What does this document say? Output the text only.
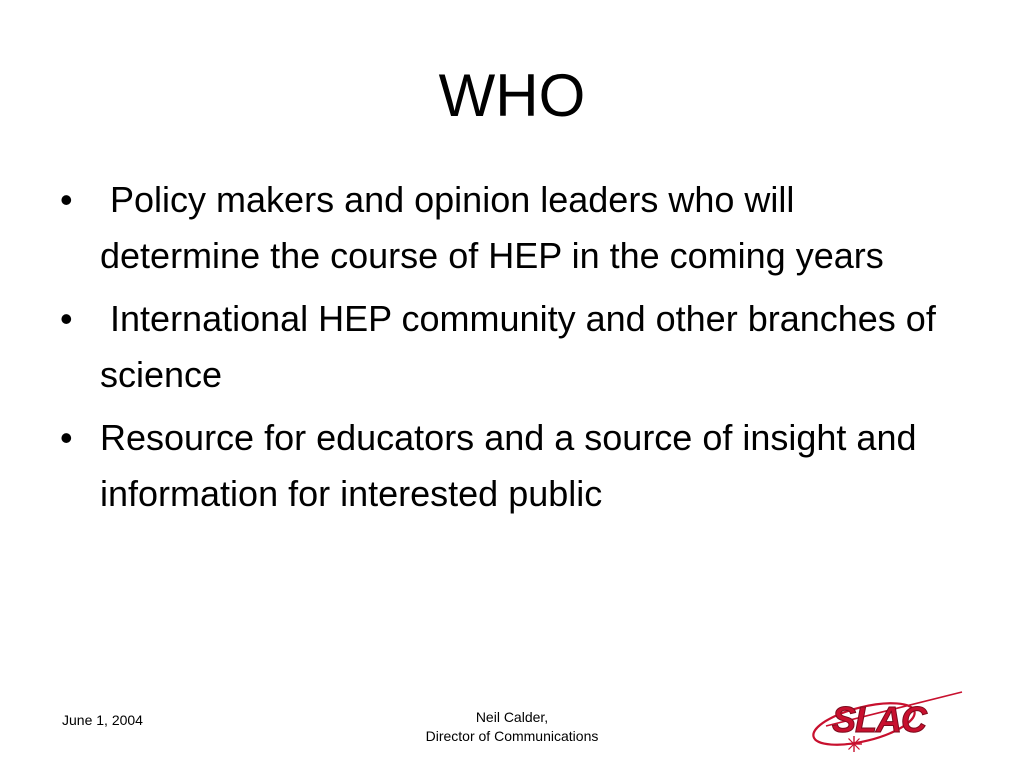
WHO
• Policy makers and opinion leaders who will determine the course of HEP in the coming years
• International HEP community and other branches of science
• Resource for educators and a source of insight and information for interested public
June 1, 2004	Neil Calder,
Director of Communications	SLAC
